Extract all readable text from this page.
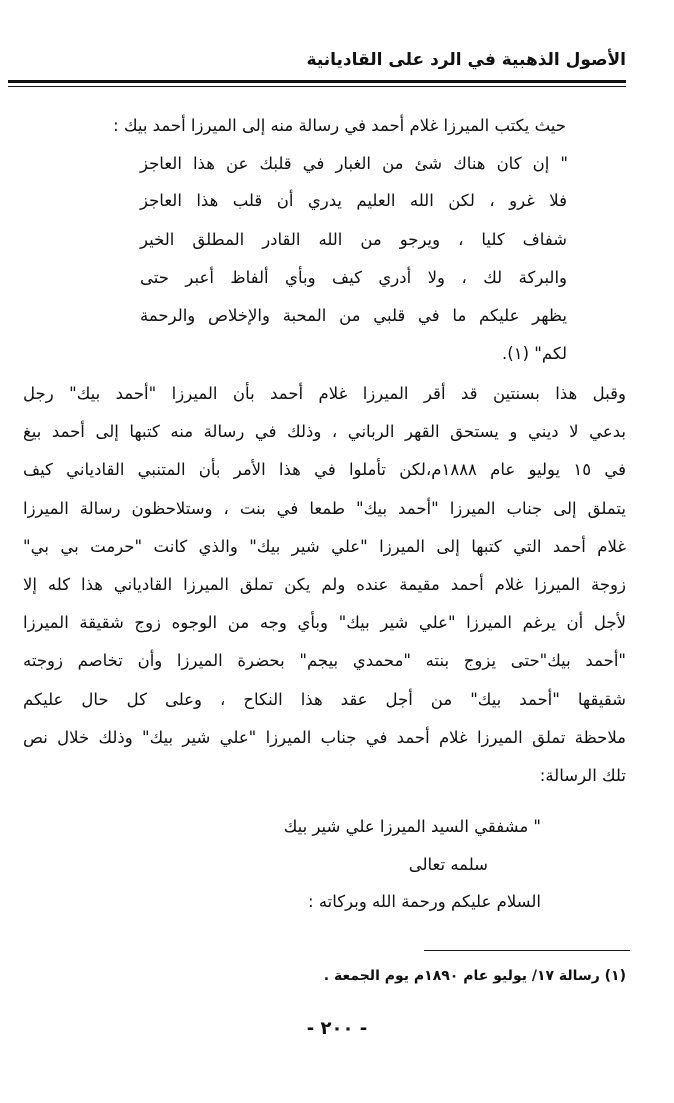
الأصول الذهبية في الرد على القاديانية
حيث يكتب الميرزا غلام أحمد في رسالة منه إلى الميرزا أحمد بيك :
" إن كان هناك شئ من الغبار في قلبك عن هذا العاجز
فلا غرو ، لكن الله العليم يدري أن قلب هذا العاجز
شفاف كليا ، ويرجو من الله القادر المطلق الخير
والبركة لك ، ولا أدري كيف وبأي ألفاظ أعبر حتى
يظهر عليكم ما في قلبي من المحبة والإخلاص والرحمة
لكم" (١).
وقبل هذا بسنتين قد أقر الميرزا غلام أحمد بأن الميرزا "أحمد بيك" رجل
بدعي لا ديني و يستحق القهر الرباني ، وذلك في رسالة منه كتبها إلى أحمد بيغ
في ١٥ يوليو عام ١٨٨٨م،لكن تأملوا في هذا الأمر بأن المتنبي القادياني كيف
يتملق إلى جناب الميرزا "أحمد بيك" طمعا في بنت ، وستلاحظون رسالة الميرزا
غلام أحمد التي كتبها إلى الميرزا "علي شير بيك" والذي كانت "حرمت بي بي"
زوجة الميرزا غلام أحمد مقيمة عنده ولم يكن تملق الميرزا القادياني هذا كله إلا
لأجل أن يرغم الميرزا "علي شير بيك" وبأي وجه من الوجوه زوج شقيقة الميرزا
"أحمد بيك"حتى يزوج بنته "محمدي بيجم" بحضرة الميرزا وأن تخاصم زوجته
شقيقها "أحمد بيك" من أجل عقد هذا النكاح ، وعلى كل حال عليكم
ملاحظة تملق الميرزا غلام أحمد في جناب الميرزا "علي شير بيك" وذلك خلال نص
تلك الرسالة:
" مشفقي السيد الميرزا علي شير بيك
سلمه تعالى
السلام عليكم ورحمة الله وبركاته :
(١) رسالة ١٧/ يوليو عام ١٨٩٠م يوم الجمعة .
- ٢٠٠ -
